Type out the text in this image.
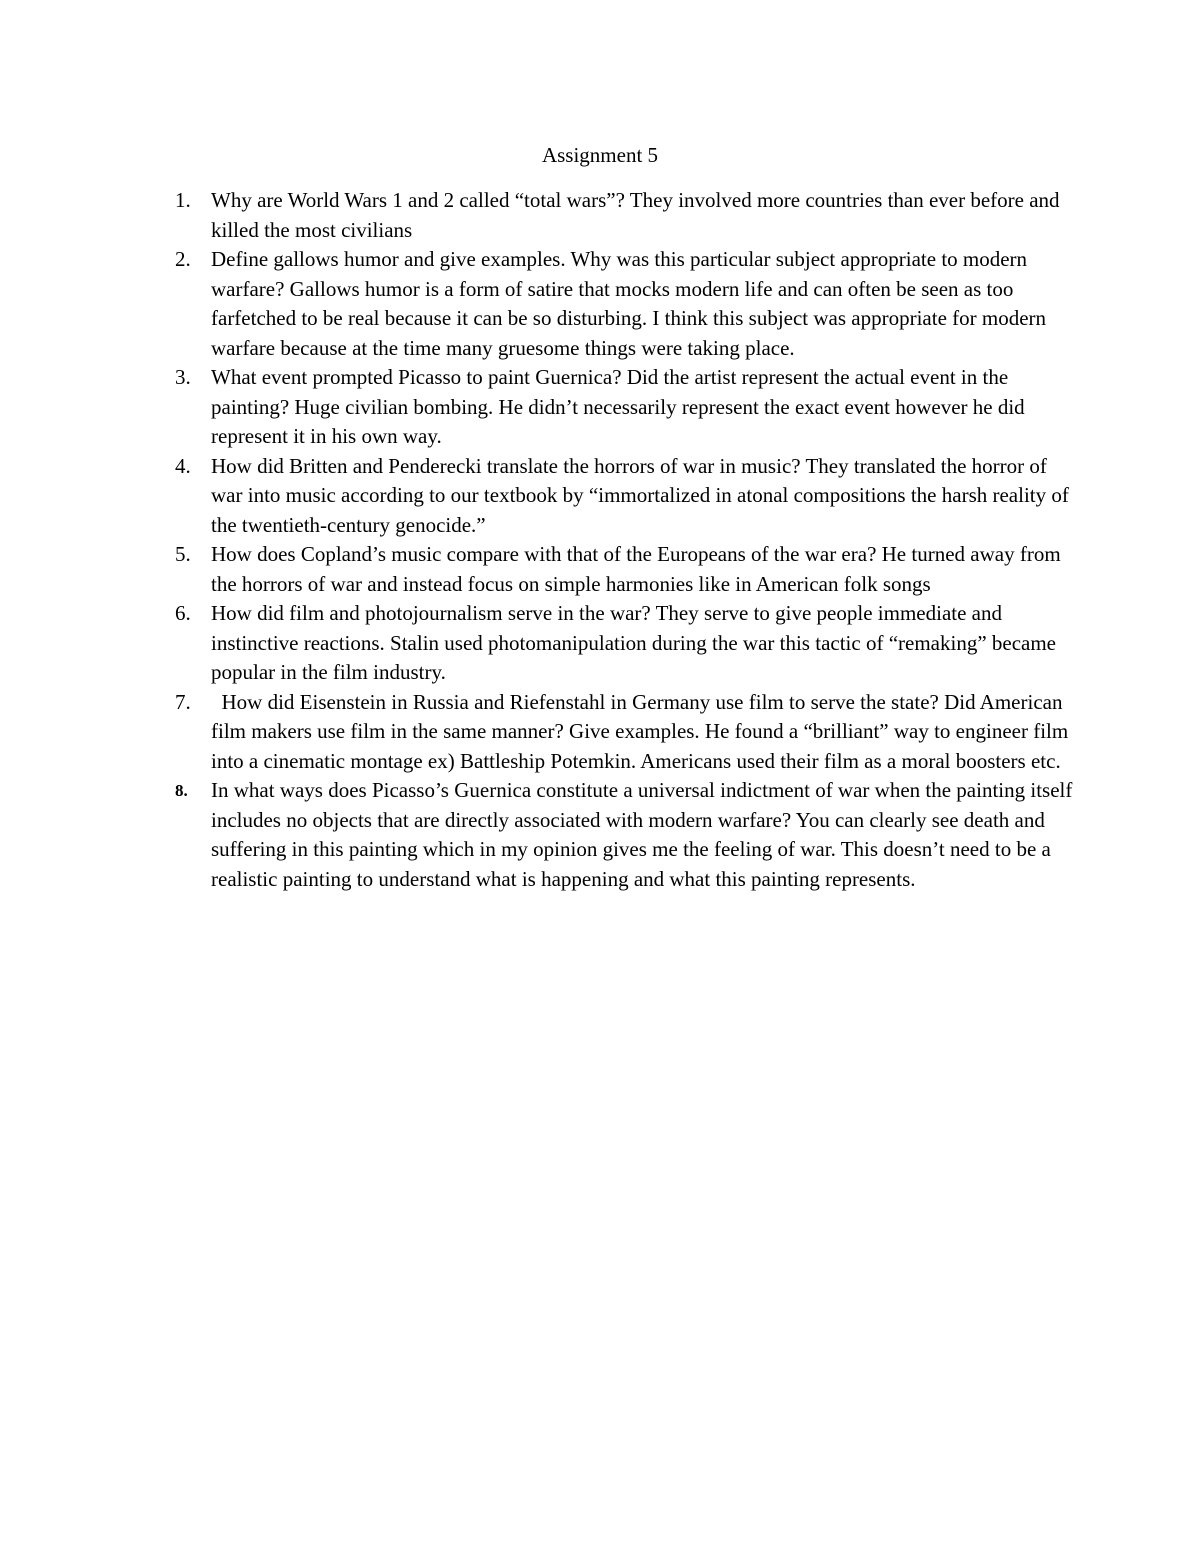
Assignment 5
1. Why are World Wars 1 and 2 called “total wars”? They involved more countries than ever before and killed the most civilians
2. Define gallows humor and give examples. Why was this particular subject appropriate to modern warfare? Gallows humor is a form of satire that mocks modern life and can often be seen as too farfetched to be real because it can be so disturbing. I think this subject was appropriate for modern warfare because at the time many gruesome things were taking place.
3. What event prompted Picasso to paint Guernica? Did the artist represent the actual event in the painting? Huge civilian bombing. He didn’t necessarily represent the exact event however he did represent it in his own way.
4. How did Britten and Penderecki translate the horrors of war in music? They translated the horror of war into music according to our textbook by “immortalized in atonal compositions the harsh reality of the twentieth-century genocide.”
5. How does Copland’s music compare with that of the Europeans of the war era? He turned away from the horrors of war and instead focus on simple harmonies like in American folk songs
6. How did film and photojournalism serve in the war? They serve to give people immediate and instinctive reactions. Stalin used photomanipulation during the war this tactic of “remaking” became popular in the film industry.
7. How did Eisenstein in Russia and Riefenstahl in Germany use film to serve the state? Did American film makers use film in the same manner? Give examples. He found a “brilliant” way to engineer film into a cinematic montage ex) Battleship Potemkin. Americans used their film as a moral boosters etc.
8. In what ways does Picasso’s Guernica constitute a universal indictment of war when the painting itself includes no objects that are directly associated with modern warfare? You can clearly see death and suffering in this painting which in my opinion gives me the feeling of war. This doesn’t need to be a realistic painting to understand what is happening and what this painting represents.
